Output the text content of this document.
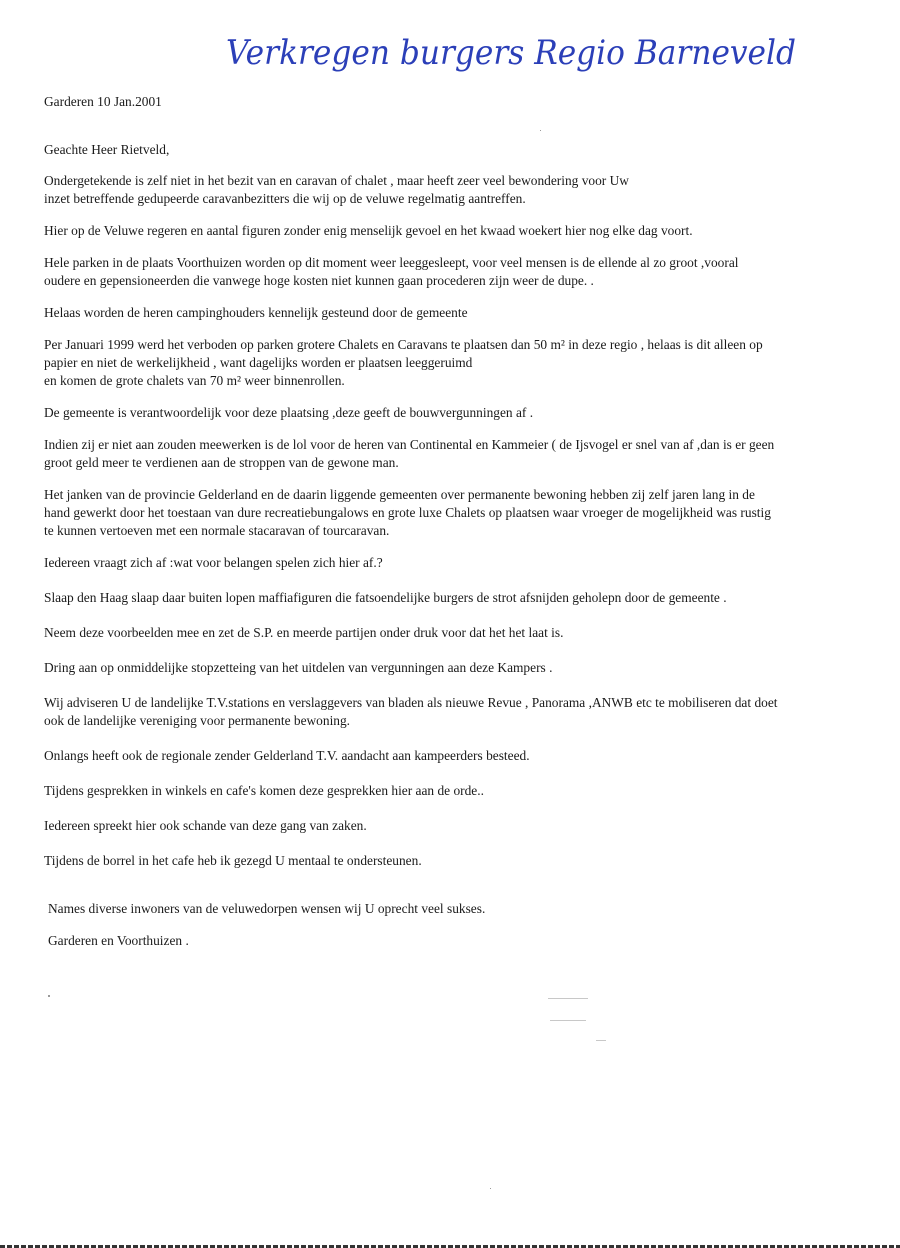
Verkregen burgers Regio Barneveld

Garderen 10 Jan.2001

Geachte Heer Rietveld,

Ondergetekende is zelf niet in het bezit van en caravan of chalet , maar heeft zeer veel bewondering voor Uw
inzet betreffende gedupeerde caravanbezitters die wij op de veluwe regelmatig aantreffen.

Hier op de Veluwe regeren en aantal figuren zonder enig menselijk gevoel en het kwaad woekert hier nog elke dag voort.

Hele parken in de plaats Voorthuizen worden op dit moment weer leeggesleept, voor veel mensen is de ellende al zo groot ,vooral
oudere en gepensioneerden die vanwege hoge kosten niet kunnen gaan procederen zijn weer de dupe. .

Helaas worden de heren campinghouders kennelijk gesteund door de gemeente

Per Januari 1999 werd het verboden op parken grotere Chalets en Caravans te plaatsen dan 50 m² in deze regio , helaas is dit alleen op
papier en niet de werkelijkheid , want dagelijks worden er plaatsen leeggeruimd
en komen de grote chalets van 70 m² weer binnenrollen.

De gemeente is verantwoordelijk voor deze plaatsing ,deze geeft de bouwvergunningen af .

Indien zij er niet aan zouden meewerken is de lol voor de heren van Continental en Kammeier ( de Ijsvogel er snel van af ,dan is er geen
groot geld meer te verdienen aan de stroppen van de gewone man.

Het janken van de provincie Gelderland en de daarin liggende gemeenten over permanente bewoning hebben zij zelf jaren lang in de
hand gewerkt door het toestaan van dure recreatiebungalows en grote luxe Chalets op plaatsen waar vroeger de mogelijkheid was rustig
te kunnen vertoeven met een normale stacaravan of tourcaravan.

Iedereen vraagt zich af :wat voor belangen spelen zich hier af.?

Slaap den Haag slaap daar buiten lopen maffiafiguren die fatsoendelijke burgers de strot afsnijden geholepn door de gemeente .

Neem deze voorbeelden mee en zet de S.P. en meerde partijen onder druk voor dat het het laat is.

Dring aan op onmiddelijke stopzetteing van het uitdelen van vergunningen aan deze Kampers .

Wij adviseren U de landelijke T.V.stations en verslaggevers van bladen als nieuwe Revue , Panorama ,ANWB etc te mobiliseren dat doet
ook de landelijke vereniging voor permanente bewoning.

Onlangs heeft ook de regionale zender Gelderland T.V. aandacht aan kampeerders besteed.

Tijdens gesprekken in winkels en cafe's komen deze gesprekken hier aan de orde..

Iedereen spreekt hier ook schande van deze gang van zaken.

Tijdens de borrel in het cafe heb ik gezegd U mentaal te ondersteunen.

Names diverse inwoners van de veluwedorpen wensen wij U oprecht veel sukses.

Garderen en Voorthuizen .
